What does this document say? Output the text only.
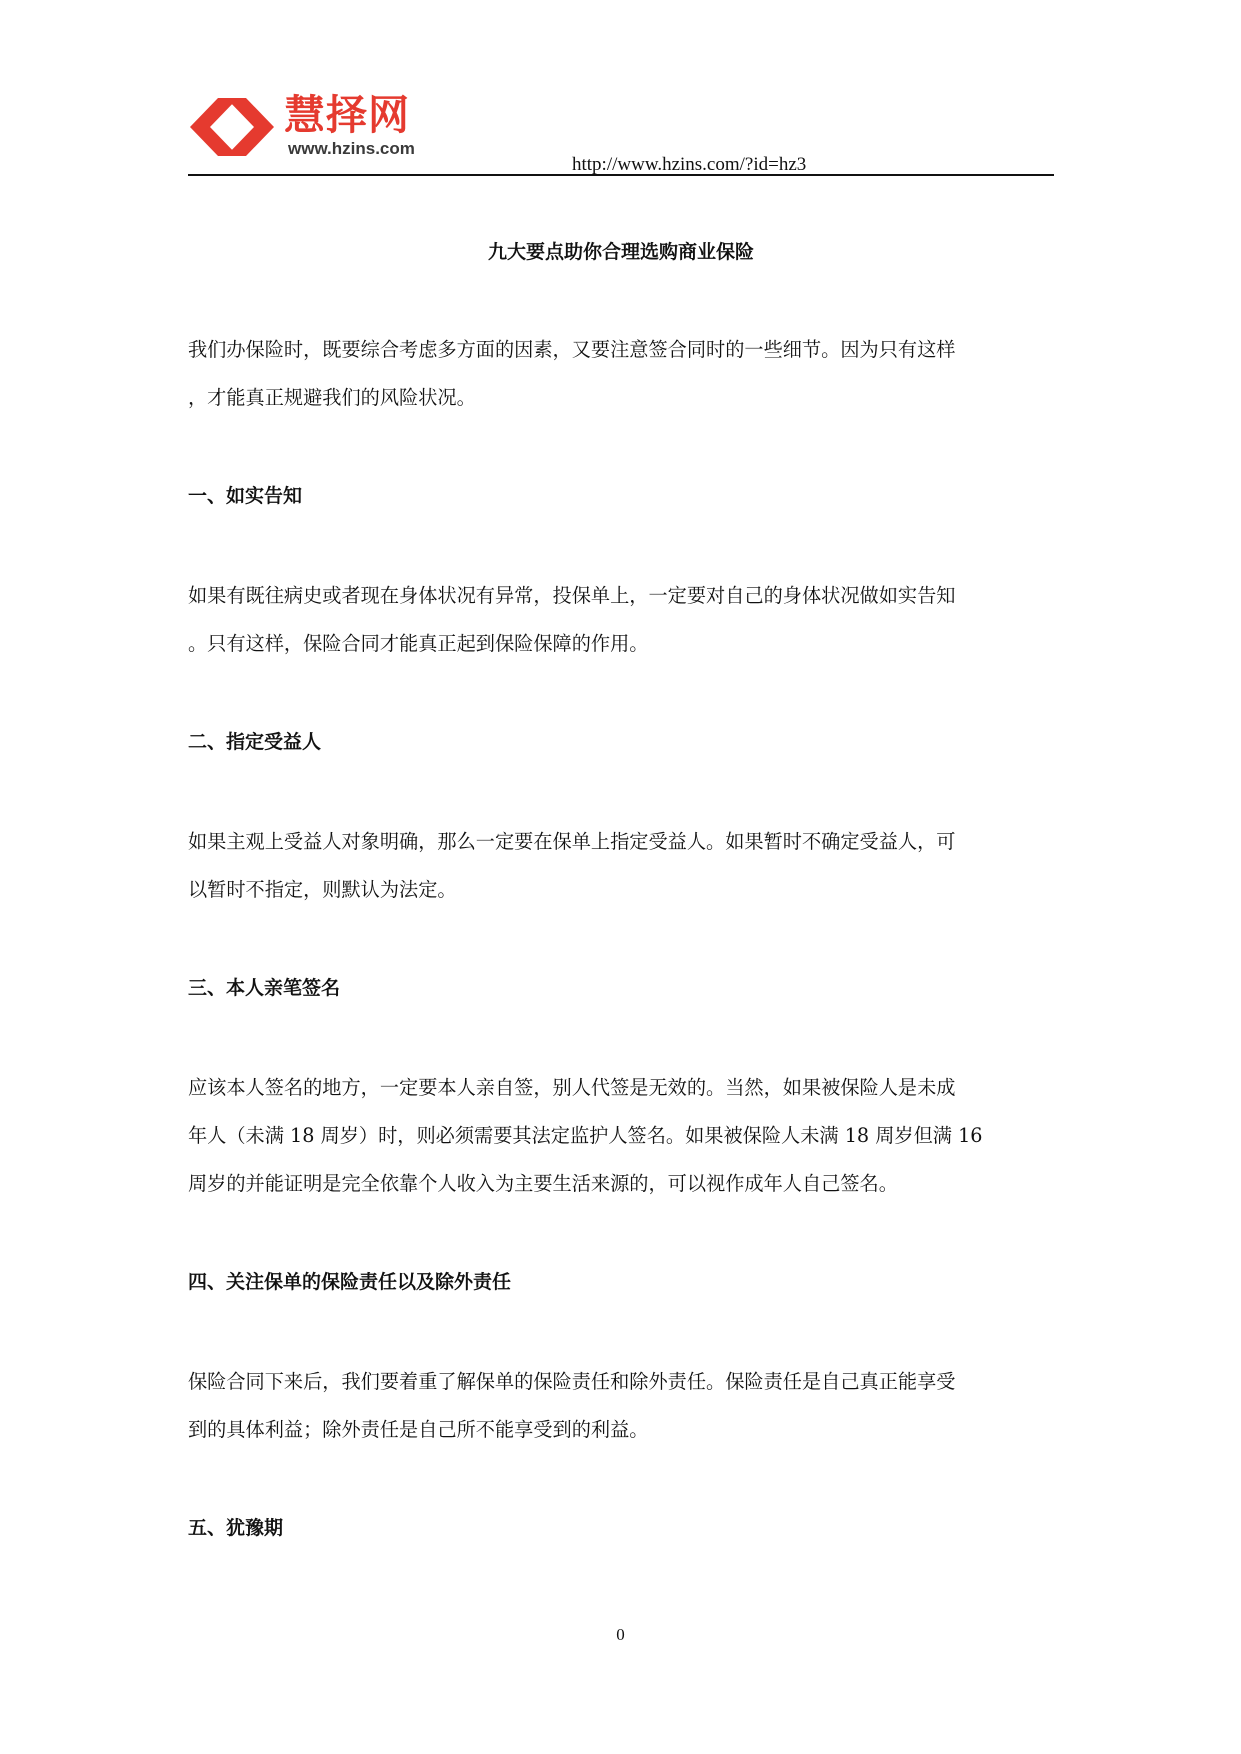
慧择网
www.hzins.com
http://www.hzins.com/?id=hz3
九大要点助你合理选购商业保险
我们办保险时，既要综合考虑多方面的因素，又要注意签合同时的一些细节。因为只有这样
，才能真正规避我们的风险状况。
一、如实告知
如果有既往病史或者现在身体状况有异常，投保单上，一定要对自己的身体状况做如实告知
。只有这样，保险合同才能真正起到保险保障的作用。
二、指定受益人
如果主观上受益人对象明确，那么一定要在保单上指定受益人。如果暂时不确定受益人，可
以暂时不指定，则默认为法定。
三、本人亲笔签名
应该本人签名的地方，一定要本人亲自签，别人代签是无效的。当然，如果被保险人是未成
年人（未满 18 周岁）时，则必须需要其法定监护人签名。如果被保险人未满 18 周岁但满 16
周岁的并能证明是完全依靠个人收入为主要生活来源的，可以视作成年人自己签名。
四、关注保单的保险责任以及除外责任
保险合同下来后，我们要着重了解保单的保险责任和除外责任。保险责任是自己真正能享受
到的具体利益；除外责任是自己所不能享受到的利益。
五、犹豫期
0
